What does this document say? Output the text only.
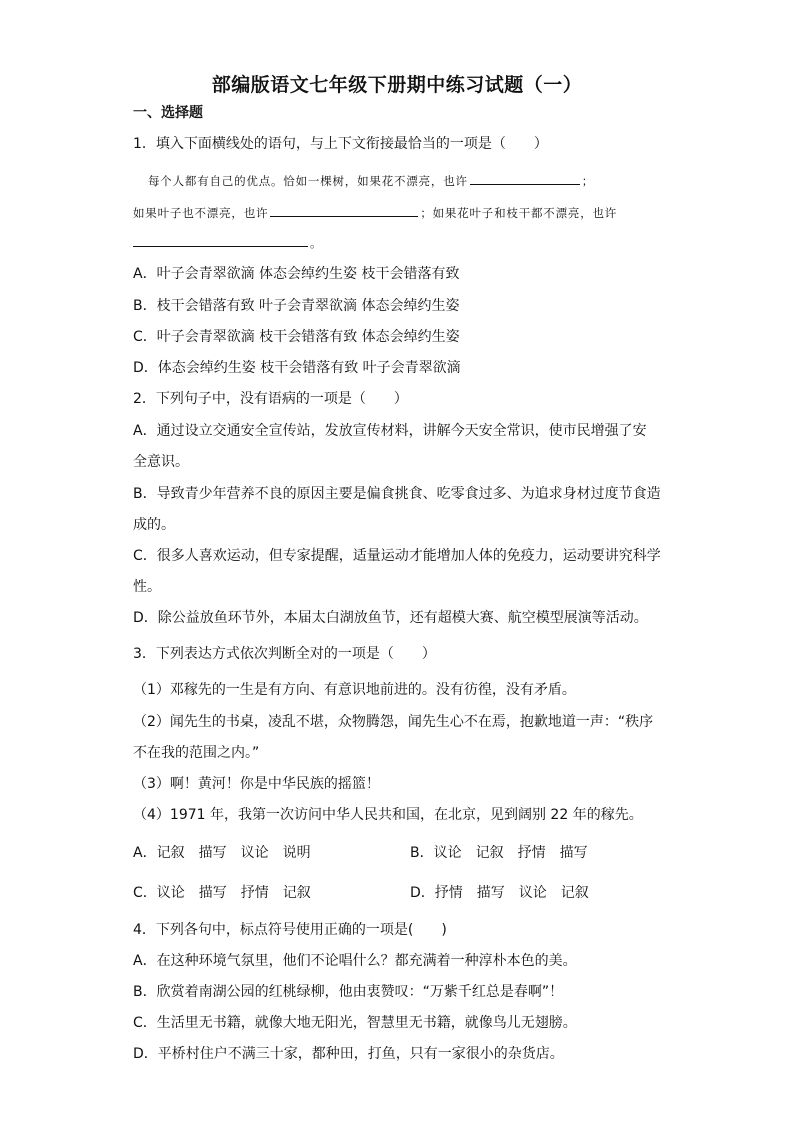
部编版语文七年级下册期中练习试题（一）
一、选择题
1．填入下面横线处的语句，与上下文衔接最恰当的一项是（　　）
每个人都有自己的优点。恰如一棵树，如果花不漂亮，也许	；
如果叶子也不漂亮，也许	；如果花叶子和枝干都不漂亮，也许
。
A．叶子会青翠欲滴 体态会绰约生姿 枝干会错落有致
B．枝干会错落有致 叶子会青翠欲滴 体态会绰约生姿
C．叶子会青翠欲滴 枝干会错落有致 体态会绰约生姿
D．体态会绰约生姿 枝干会错落有致 叶子会青翠欲滴
2．下列句子中，没有语病的一项是（　　）
A．通过设立交通安全宣传站，发放宣传材料，讲解今天安全常识，使市民增强了安
全意识。
B．导致青少年营养不良的原因主要是偏食挑食、吃零食过多、为追求身材过度节食造
成的。
C．很多人喜欢运动，但专家提醒，适量运动才能增加人体的免疫力，运动要讲究科学
性。
D．除公益放鱼环节外，本届太白湖放鱼节，还有超模大赛、航空模型展演等活动。
3．下列表达方式依次判断全对的一项是（　　）
（1）邓稼先的一生是有方向、有意识地前进的。没有彷徨，没有矛盾。
（2）闻先生的书桌，凌乱不堪，众物腾怨，闻先生心不在焉，抱歉地道一声：“秩序
不在我的范围之内。”
（3）啊！黄河！你是中华民族的摇篮！
（4）1971 年，我第一次访问中华人民共和国，在北京，见到阔别 22 年的稼先。
A．记叙 描写 议论 说明	B．议论 记叙 抒情 描写
C．议论 描写 抒情 记叙	D．抒情 描写 议论 记叙
4．下列各句中，标点符号使用正确的一项是(　　)
A．在这种环境气氛里，他们不论唱什么？都充满着一种淳朴本色的美。
B．欣赏着南湖公园的红桃绿柳，他由衷赞叹：“万紫千红总是春啊”！
C．生活里无书籍，就像大地无阳光，智慧里无书籍，就像鸟儿无翅膀。
D．平桥村住户不满三十家，都种田，打鱼，只有一家很小的杂货店。
